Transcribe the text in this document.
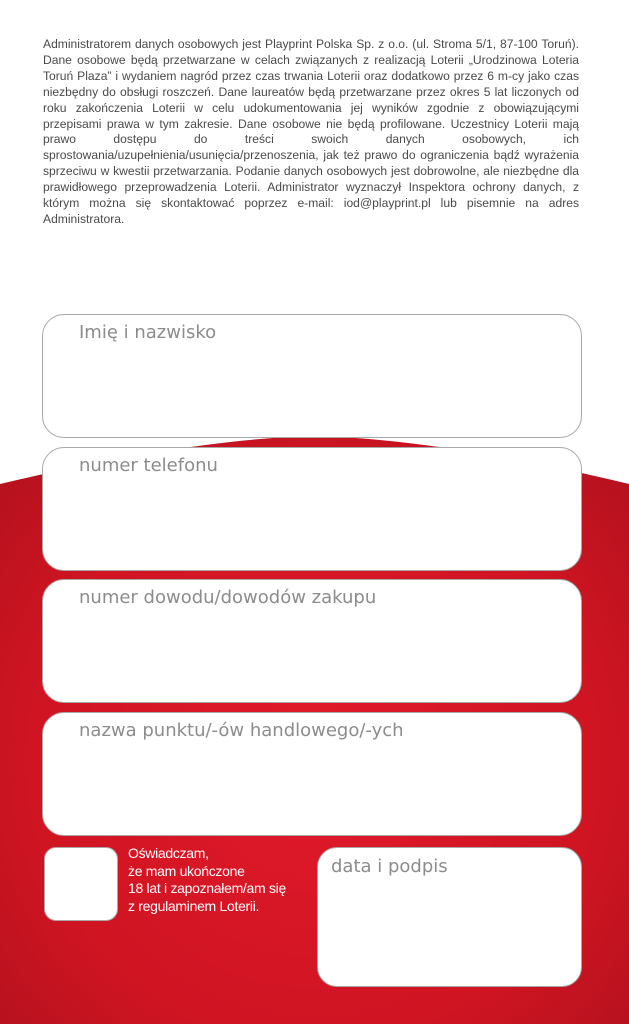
Administratorem danych osobowych jest Playprint Polska Sp. z o.o. (ul. Stroma 5/1, 87-100 Toruń). Dane osobowe będą przetwarzane w celach związanych z realizacją Loterii „Urodzinowa Loteria Toruń Plaza” i wydaniem nagród przez czas trwania Loterii oraz dodatkowo przez 6 m-cy jako czas niezbędny do obsługi roszczeń. Dane laureatów będą przetwarzane przez okres 5 lat liczonych od roku zakończenia Loterii w celu udokumentowania jej wyników zgodnie z obowiązującymi przepisami prawa w tym zakresie. Dane osobowe nie będą profilowane. Uczestnicy Loterii mają prawo dostępu do treści swoich danych osobowych, ich sprostowania/uzupełnienia/usunięcia/przenoszenia, jak też prawo do ograniczenia bądź wyrażenia sprzeciwu w kwestii przetwarzania. Podanie danych osobowych jest dobrowolne, ale niezbędne dla prawidłowego przeprowadzenia Loterii. Administrator wyznaczył Inspektora ochrony danych, z którym można się skontaktować poprzez e-mail: iod@playprint.pl lub pisemnie na adres Administratora.

Imię i nazwisko
numer telefonu
numer dowodu/dowodów zakupu
nazwa punktu/-ów handlowego/-ych
Oświadczam,
że mam ukończone
18 lat i zapoznałem/am się
z regulaminem Loterii.
data i podpis
